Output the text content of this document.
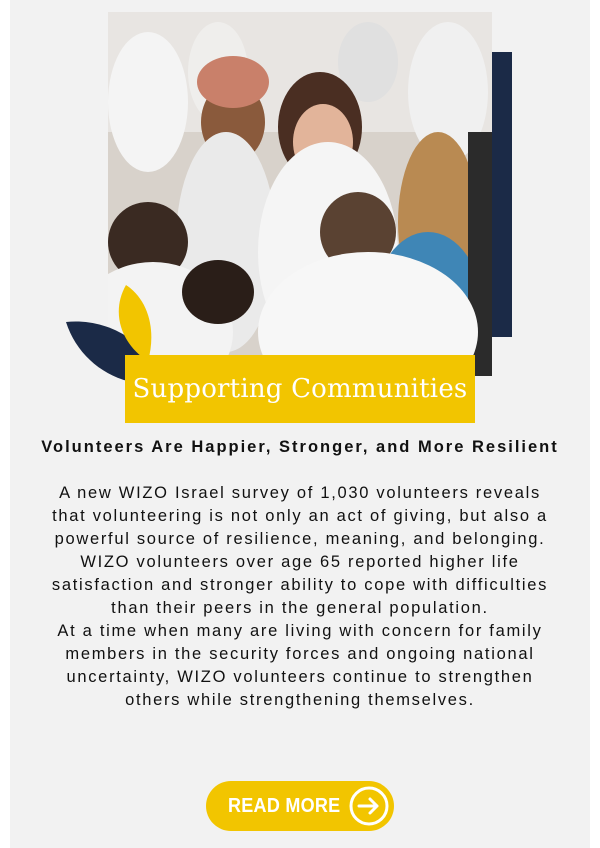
Supporting Communities
Volunteers Are Happier, Stronger, and More Resilient

A new WIZO Israel survey of 1,030 volunteers reveals that volunteering is not only an act of giving, but also a powerful source of resilience, meaning, and belonging. WIZO volunteers over age 65 reported higher life satisfaction and stronger ability to cope with difficulties than their peers in the general population.

At a time when many are living with concern for family members in the security forces and ongoing national uncertainty, WIZO volunteers continue to strengthen others while strengthening themselves.

READ MORE
